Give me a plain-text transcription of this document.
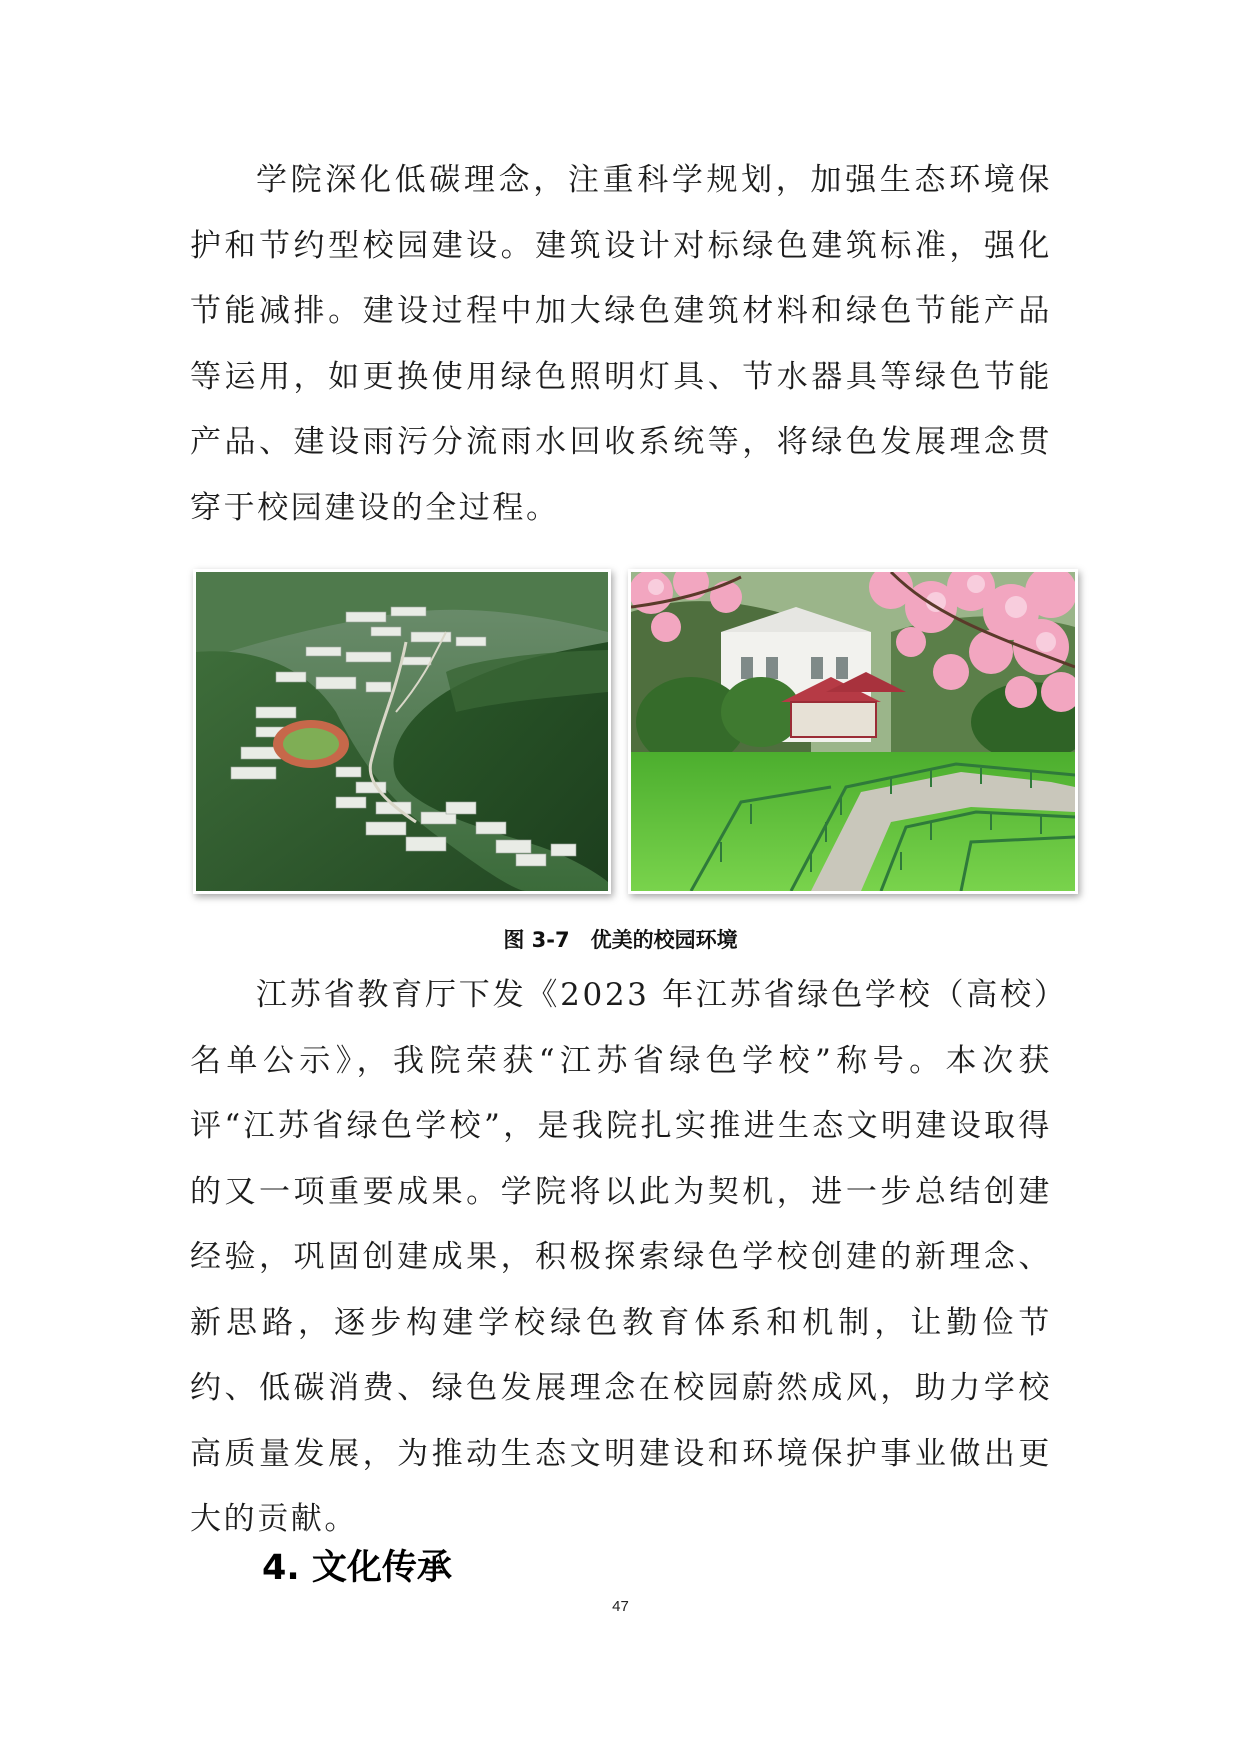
学院深化低碳理念，注重科学规划，加强生态环境保护和节约型校园建设。建筑设计对标绿色建筑标准，强化节能减排。建设过程中加大绿色建筑材料和绿色节能产品等运用，如更换使用绿色照明灯具、节水器具等绿色节能产品、建设雨污分流雨水回收系统等，将绿色发展理念贯穿于校园建设的全过程。

图 3-7　优美的校园环境

江苏省教育厅下发《2023 年江苏省绿色学校（高校）名单公示》，我院荣获“江苏省绿色学校”称号。本次获评“江苏省绿色学校”，是我院扎实推进生态文明建设取得的又一项重要成果。学院将以此为契机，进一步总结创建经验，巩固创建成果，积极探索绿色学校创建的新理念、新思路，逐步构建学校绿色教育体系和机制，让勤俭节约、低碳消费、绿色发展理念在校园蔚然成风，助力学校高质量发展，为推动生态文明建设和环境保护事业做出更大的贡献。

4. 文化传承
47
